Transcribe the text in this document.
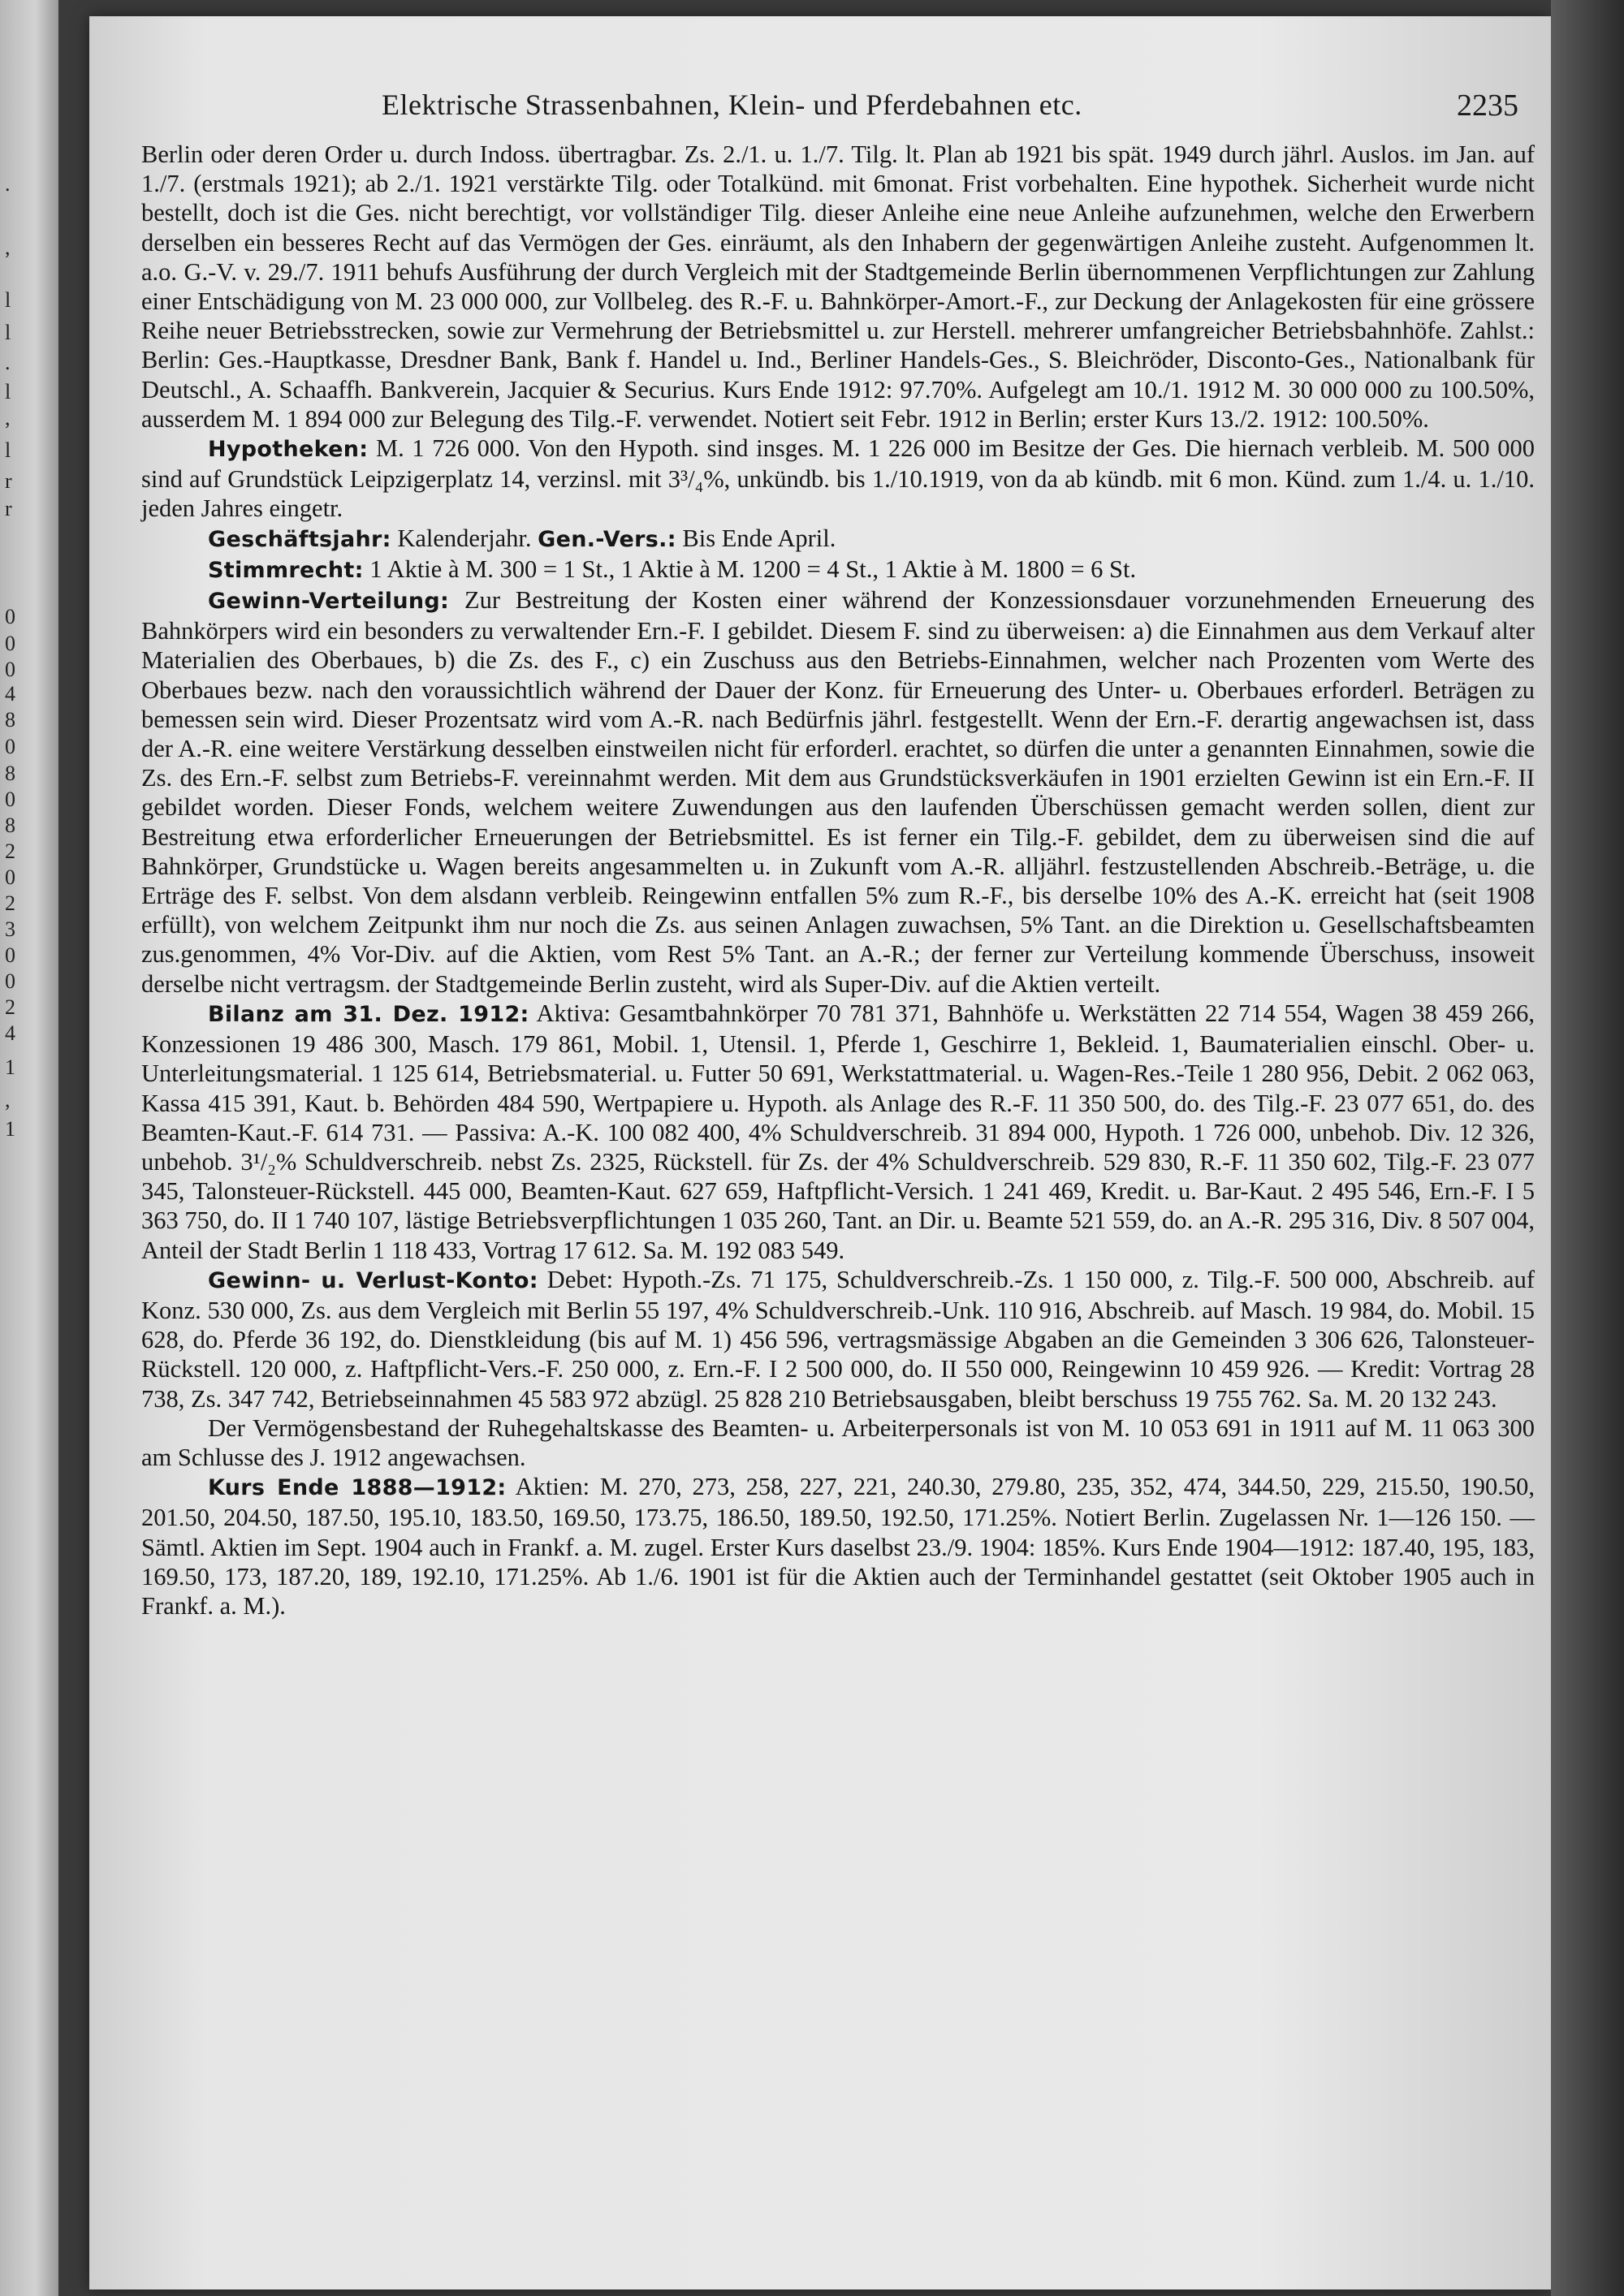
.
,
l
l
.
l
,
l
r
r
0
0
0
4
8
0
8
0
8
2
0
2
3
0
0
2
4
1
,
1
Elektrische Strassenbahnen, Klein- und Pferdebahnen etc.	2235

Berlin oder deren Order u. durch Indoss. übertragbar. Zs. 2./1. u. 1./7. Tilg. lt. Plan ab 1921 bis spät. 1949 durch jährl. Auslos. im Jan. auf 1./7. (erstmals 1921); ab 2./1. 1921 verstärkte Tilg. oder Totalkünd. mit 6monat. Frist vorbehalten. Eine hypothek. Sicherheit wurde nicht bestellt, doch ist die Ges. nicht berechtigt, vor vollständiger Tilg. dieser Anleihe eine neue Anleihe aufzunehmen, welche den Erwerbern derselben ein besseres Recht auf das Vermögen der Ges. einräumt, als den Inhabern der gegenwärtigen Anleihe zusteht. Aufgenommen lt. a.o. G.-V. v. 29./7. 1911 behufs Ausführung der durch Vergleich mit der Stadtgemeinde Berlin übernommenen Verpflichtungen zur Zahlung einer Entschädigung von M. 23 000 000, zur Vollbeleg. des R.-F. u. Bahnkörper-Amort.-F., zur Deckung der Anlagekosten für eine grössere Reihe neuer Betriebsstrecken, sowie zur Vermehrung der Betriebsmittel u. zur Herstell. mehrerer umfangreicher Betriebsbahnhöfe. Zahlst.: Berlin: Ges.-Hauptkasse, Dresdner Bank, Bank f. Handel u. Ind., Berliner Handels-Ges., S. Bleichröder, Disconto-Ges., Nationalbank für Deutschl., A. Schaaffh. Bankverein, Jacquier & Securius. Kurs Ende 1912: 97.70%. Aufgelegt am 10./1. 1912 M. 30 000 000 zu 100.50%, ausserdem M. 1 894 000 zur Belegung des Tilg.-F. verwendet. Notiert seit Febr. 1912 in Berlin; erster Kurs 13./2. 1912: 100.50%.

Hypotheken: M. 1 726 000. Von den Hypoth. sind insges. M. 1 226 000 im Besitze der Ges. Die hiernach verbleib. M. 500 000 sind auf Grundstück Leipzigerplatz 14, verzinsl. mit 3³/₄%, unkündb. bis 1./10.1919, von da ab kündb. mit 6 mon. Künd. zum 1./4. u. 1./10. jeden Jahres eingetr.

Geschäftsjahr: Kalenderjahr. Gen.-Vers.: Bis Ende April.

Stimmrecht: 1 Aktie à M. 300 = 1 St., 1 Aktie à M. 1200 = 4 St., 1 Aktie à M. 1800 = 6 St.

Gewinn-Verteilung: Zur Bestreitung der Kosten einer während der Konzessionsdauer vorzunehmenden Erneuerung des Bahnkörpers wird ein besonders zu verwaltender Ern.-F. I gebildet. Diesem F. sind zu überweisen: a) die Einnahmen aus dem Verkauf alter Materialien des Oberbaues, b) die Zs. des F., c) ein Zuschuss aus den Betriebs-Einnahmen, welcher nach Prozenten vom Werte des Oberbaues bezw. nach den voraussichtlich während der Dauer der Konz. für Erneuerung des Unter- u. Oberbaues erforderl. Beträgen zu bemessen sein wird. Dieser Prozentsatz wird vom A.-R. nach Bedürfnis jährl. festgestellt. Wenn der Ern.-F. derartig angewachsen ist, dass der A.-R. eine weitere Verstärkung desselben einstweilen nicht für erforderl. erachtet, so dürfen die unter a genannten Einnahmen, sowie die Zs. des Ern.-F. selbst zum Betriebs-F. vereinnahmt werden. Mit dem aus Grundstücksverkäufen in 1901 erzielten Gewinn ist ein Ern.-F. II gebildet worden. Dieser Fonds, welchem weitere Zuwendungen aus den laufenden Überschüssen gemacht werden sollen, dient zur Bestreitung etwa erforderlicher Erneuerungen der Betriebsmittel. Es ist ferner ein Tilg.-F. gebildet, dem zu überweisen sind die auf Bahnkörper, Grundstücke u. Wagen bereits angesammelten u. in Zukunft vom A.-R. alljährl. festzustellenden Abschreib.-Beträge, u. die Erträge des F. selbst. Von dem alsdann verbleib. Reingewinn entfallen 5% zum R.-F., bis derselbe 10% des A.-K. erreicht hat (seit 1908 erfüllt), von welchem Zeitpunkt ihm nur noch die Zs. aus seinen Anlagen zuwachsen, 5% Tant. an die Direktion u. Gesellschaftsbeamten zus.genommen, 4% Vor-Div. auf die Aktien, vom Rest 5% Tant. an A.-R.; der ferner zur Verteilung kommende Überschuss, insoweit derselbe nicht vertragsm. der Stadtgemeinde Berlin zusteht, wird als Super-Div. auf die Aktien verteilt.

Bilanz am 31. Dez. 1912: Aktiva: Gesamtbahnkörper 70 781 371, Bahnhöfe u. Werkstätten 22 714 554, Wagen 38 459 266, Konzessionen 19 486 300, Masch. 179 861, Mobil. 1, Utensil. 1, Pferde 1, Geschirre 1, Bekleid. 1, Baumaterialien einschl. Ober- u. Unterleitungsmaterial. 1 125 614, Betriebsmaterial. u. Futter 50 691, Werkstattmaterial. u. Wagen-Res.-Teile 1 280 956, Debit. 2 062 063, Kassa 415 391, Kaut. b. Behörden 484 590, Wertpapiere u. Hypoth. als Anlage des R.-F. 11 350 500, do. des Tilg.-F. 23 077 651, do. des Beamten-Kaut.-F. 614 731. — Passiva: A.-K. 100 082 400, 4% Schuldverschreib. 31 894 000, Hypoth. 1 726 000, unbehob. Div. 12 326, unbehob. 3¹/₂% Schuldverschreib. nebst Zs. 2325, Rückstell. für Zs. der 4% Schuldverschreib. 529 830, R.-F. 11 350 602, Tilg.-F. 23 077 345, Talonsteuer-Rückstell. 445 000, Beamten-Kaut. 627 659, Haftpflicht-Versich. 1 241 469, Kredit. u. Bar-Kaut. 2 495 546, Ern.-F. I 5 363 750, do. II 1 740 107, lästige Betriebsverpflichtungen 1 035 260, Tant. an Dir. u. Beamte 521 559, do. an A.-R. 295 316, Div. 8 507 004, Anteil der Stadt Berlin 1 118 433, Vortrag 17 612. Sa. M. 192 083 549.

Gewinn- u. Verlust-Konto: Debet: Hypoth.-Zs. 71 175, Schuldverschreib.-Zs. 1 150 000, z. Tilg.-F. 500 000, Abschreib. auf Konz. 530 000, Zs. aus dem Vergleich mit Berlin 55 197, 4% Schuldverschreib.-Unk. 110 916, Abschreib. auf Masch. 19 984, do. Mobil. 15 628, do. Pferde 36 192, do. Dienstkleidung (bis auf M. 1) 456 596, vertragsmässige Abgaben an die Gemeinden 3 306 626, Talonsteuer-Rückstell. 120 000, z. Haftpflicht-Vers.-F. 250 000, z. Ern.-F. I 2 500 000, do. II 550 000, Reingewinn 10 459 926. — Kredit: Vortrag 28 738, Zs. 347 742, Betriebseinnahmen 45 583 972 abzügl. 25 828 210 Betriebsausgaben, bleibt berschuss 19 755 762. Sa. M. 20 132 243.

Der Vermögensbestand der Ruhegehaltskasse des Beamten- u. Arbeiterpersonals ist von M. 10 053 691 in 1911 auf M. 11 063 300 am Schlusse des J. 1912 angewachsen.

Kurs Ende 1888—1912: Aktien: M. 270, 273, 258, 227, 221, 240.30, 279.80, 235, 352, 474, 344.50, 229, 215.50, 190.50, 201.50, 204.50, 187.50, 195.10, 183.50, 169.50, 173.75, 186.50, 189.50, 192.50, 171.25%. Notiert Berlin. Zugelassen Nr. 1—126 150. — Sämtl. Aktien im Sept. 1904 auch in Frankf. a. M. zugel. Erster Kurs daselbst 23./9. 1904: 185%. Kurs Ende 1904—1912: 187.40, 195, 183, 169.50, 173, 187.20, 189, 192.10, 171.25%. Ab 1./6. 1901 ist für die Aktien auch der Terminhandel gestattet (seit Oktober 1905 auch in Frankf. a. M.).
